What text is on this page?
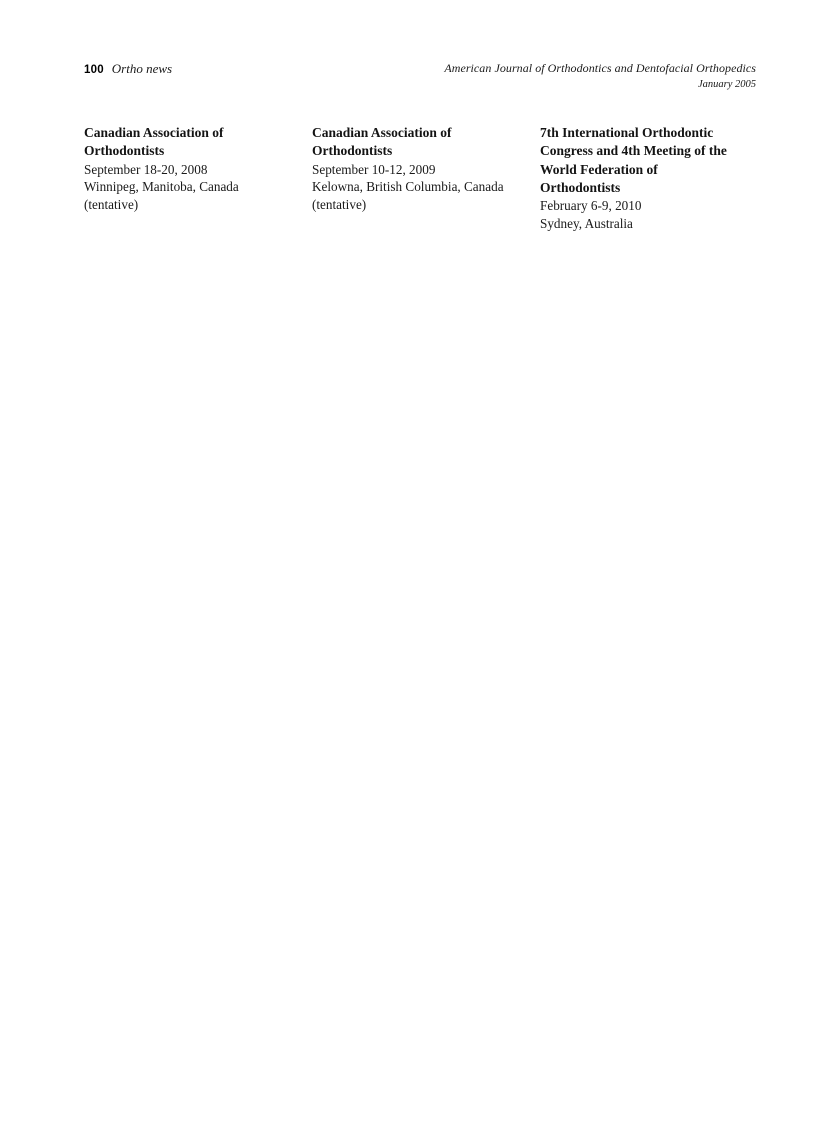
100 Ortho news	American Journal of Orthodontics and Dentofacial Orthopedics
January 2005
Canadian Association of Orthodontists
September 18-20, 2008
Winnipeg, Manitoba, Canada
(tentative)
Canadian Association of Orthodontists
September 10-12, 2009
Kelowna, British Columbia, Canada
(tentative)
7th International Orthodontic Congress and 4th Meeting of the World Federation of Orthodontists
February 6-9, 2010
Sydney, Australia
